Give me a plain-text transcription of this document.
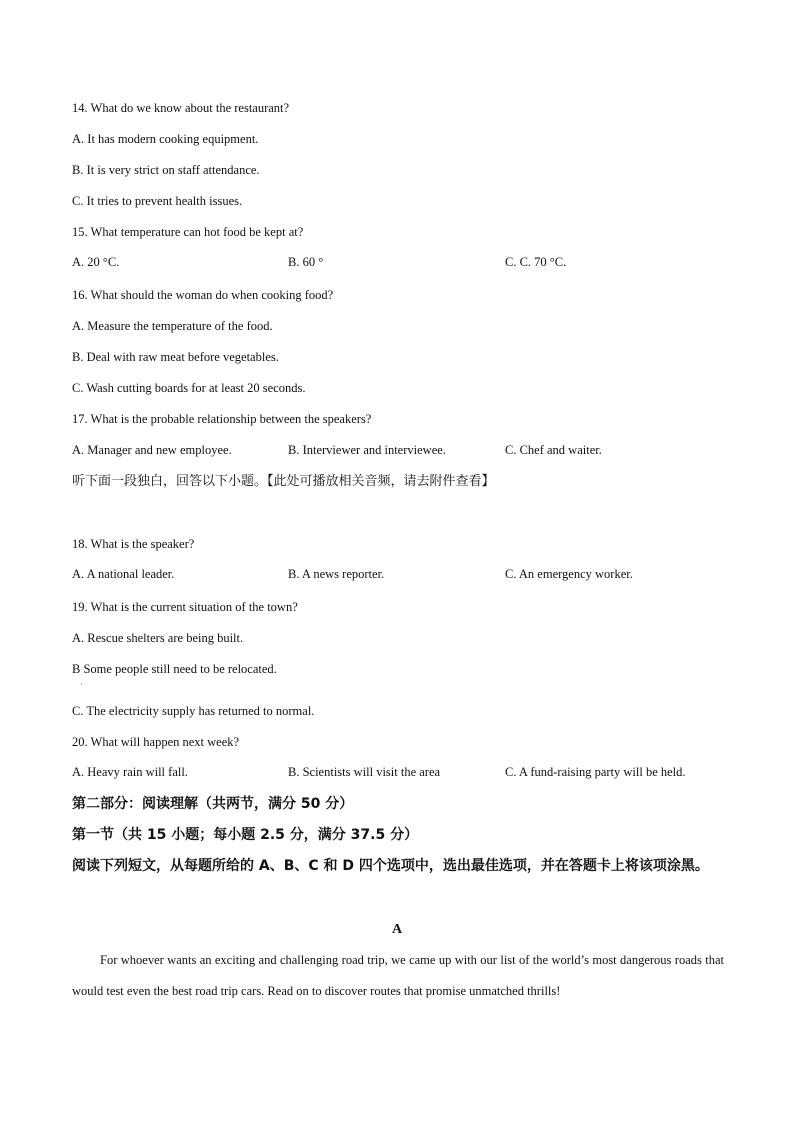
14. What do we know about the restaurant?
A. It has modern cooking equipment.
B. It is very strict on staff attendance.
C. It tries to prevent health issues.
15. What temperature can hot food be kept at?
A. 20 °C.	B. 60 °	C. C. 70 °C.
16. What should the woman do when cooking food?
A. Measure the temperature of the food.
B. Deal with raw meat before vegetables.
C. Wash cutting boards for at least 20 seconds.
17. What is the probable relationship between the speakers?
A. Manager and new employee.	B. Interviewer and interviewee.	C. Chef and waiter.
听下面一段独白，回答以下小题。【此处可播放相关音频，请去附件查看】
18. What is the speaker?
A. A national leader.	B. A news reporter.	C. An emergency worker.
19. What is the current situation of the town?
A. Rescue shelters are being built.
B Some people still need to be relocated.
·
C. The electricity supply has returned to normal.
20. What will happen next week?
A. Heavy rain will fall.	B. Scientists will visit the area	C. A fund-raising party will be held.
第二部分：阅读理解（共两节，满分 50 分）
第一节（共 15 小题；每小题 2.5 分，满分 37.5 分）
阅读下列短文，从每题所给的 A、B、C 和 D 四个选项中，选出最佳选项，并在答题卡上将该项涂黑。
A
For whoever wants an exciting and challenging road trip, we came up with our list of the world’s most dangerous roads that would test even the best road trip cars. Read on to discover routes that promise unmatched thrills!
